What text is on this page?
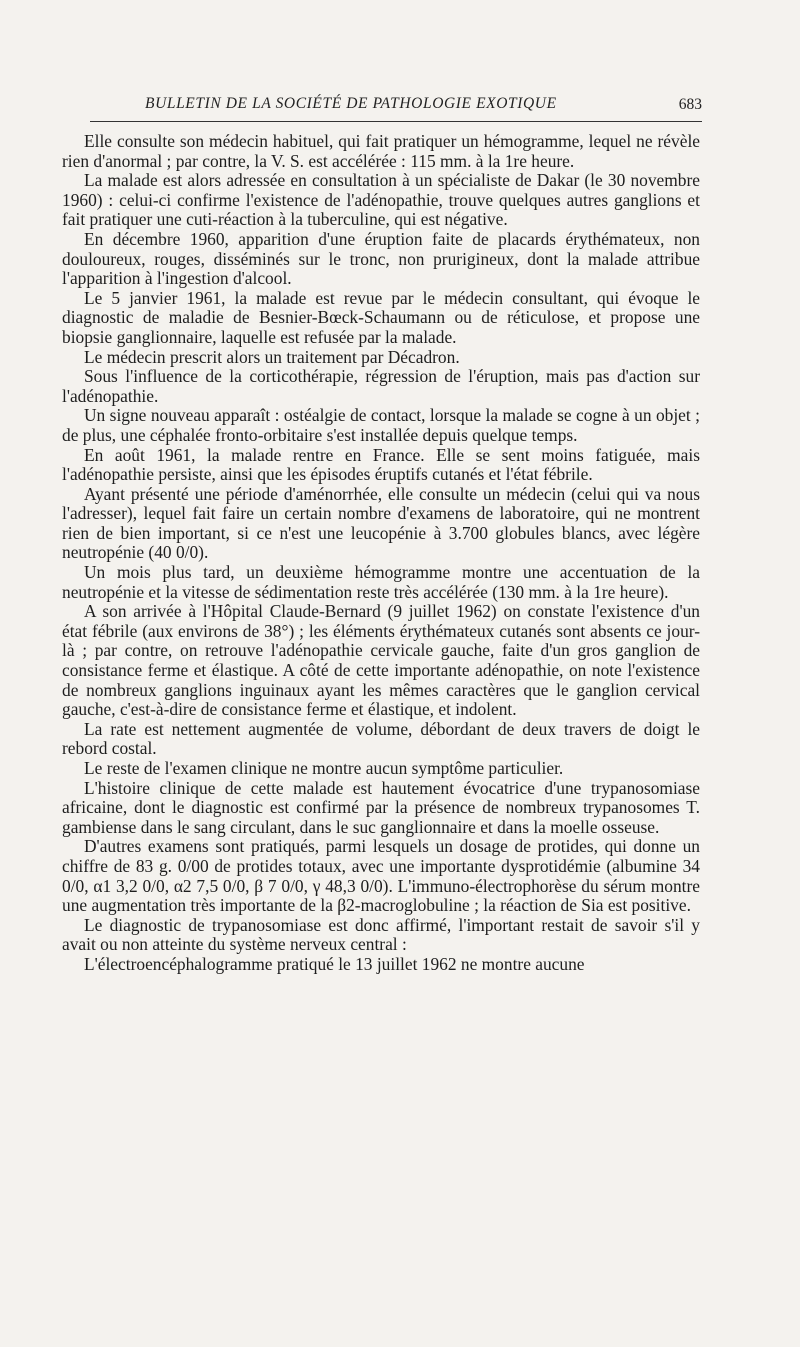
BULLETIN DE LA SOCIÉTÉ DE PATHOLOGIE EXOTIQUE	683

Elle consulte son médecin habituel, qui fait pratiquer un hémogramme, lequel ne révèle rien d'anormal ; par contre, la V. S. est accélérée : 115 mm. à la 1re heure.

La malade est alors adressée en consultation à un spécialiste de Dakar (le 30 novembre 1960) : celui-ci confirme l'existence de l'adénopathie, trouve quelques autres ganglions et fait pratiquer une cuti-réaction à la tuberculine, qui est négative.

En décembre 1960, apparition d'une éruption faite de placards érythémateux, non douloureux, rouges, disséminés sur le tronc, non prurigineux, dont la malade attribue l'apparition à l'ingestion d'alcool.

Le 5 janvier 1961, la malade est revue par le médecin consultant, qui évoque le diagnostic de maladie de Besnier-Bœck-Schaumann ou de réticulose, et propose une biopsie ganglionnaire, laquelle est refusée par la malade.

Le médecin prescrit alors un traitement par Décadron.

Sous l'influence de la corticothérapie, régression de l'éruption, mais pas d'action sur l'adénopathie.

Un signe nouveau apparaît : ostéalgie de contact, lorsque la malade se cogne à un objet ; de plus, une céphalée fronto-orbitaire s'est installée depuis quelque temps.

En août 1961, la malade rentre en France. Elle se sent moins fatiguée, mais l'adénopathie persiste, ainsi que les épisodes éruptifs cutanés et l'état fébrile.

Ayant présenté une période d'aménorrhée, elle consulte un médecin (celui qui va nous l'adresser), lequel fait faire un certain nombre d'examens de laboratoire, qui ne montrent rien de bien important, si ce n'est une leucopénie à 3.700 globules blancs, avec légère neutropénie (40 0/0).

Un mois plus tard, un deuxième hémogramme montre une accentuation de la neutropénie et la vitesse de sédimentation reste très accélérée (130 mm. à la 1re heure).

A son arrivée à l'Hôpital Claude-Bernard (9 juillet 1962) on constate l'existence d'un état fébrile (aux environs de 38°) ; les éléments érythémateux cutanés sont absents ce jour-là ; par contre, on retrouve l'adénopathie cervicale gauche, faite d'un gros ganglion de consistance ferme et élastique. A côté de cette importante adénopathie, on note l'existence de nombreux ganglions inguinaux ayant les mêmes caractères que le ganglion cervical gauche, c'est-à-dire de consistance ferme et élastique, et indolent.

La rate est nettement augmentée de volume, débordant de deux travers de doigt le rebord costal.

Le reste de l'examen clinique ne montre aucun symptôme particulier.

L'histoire clinique de cette malade est hautement évocatrice d'une trypanosomiase africaine, dont le diagnostic est confirmé par la présence de nombreux trypanosomes T. gambiense dans le sang circulant, dans le suc ganglionnaire et dans la moelle osseuse.

D'autres examens sont pratiqués, parmi lesquels un dosage de protides, qui donne un chiffre de 83 g. 0/00 de protides totaux, avec une importante dysprotidémie (albumine 34 0/0, α1 3,2 0/0, α2 7,5 0/0, β 7 0/0, γ 48,3 0/0). L'immuno-électrophorèse du sérum montre une augmentation très importante de la β2-macroglobuline ; la réaction de Sia est positive.

Le diagnostic de trypanosomiase est donc affirmé, l'important restait de savoir s'il y avait ou non atteinte du système nerveux central :

L'électroencéphalogramme pratiqué le 13 juillet 1962 ne montre aucune
